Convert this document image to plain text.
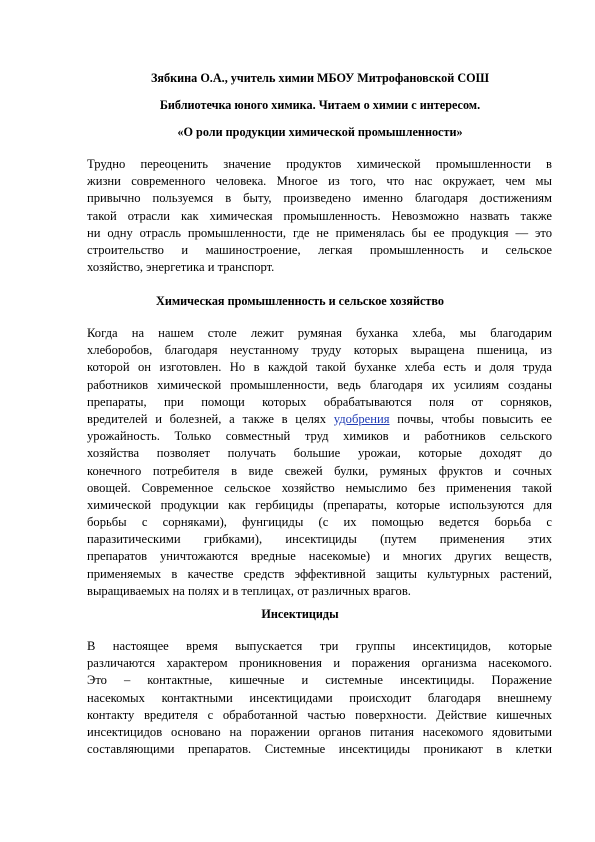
Зябкина О.А., учитель химии МБОУ Митрофановской СОШ
Библиотечка юного химика. Читаем о химии с интересом.
«О роли продукции химической промышленности»
Трудно переоценить значение продуктов химической промышленности в
жизни современного человека. Многое из того, что нас окружает, чем мы
привычно пользуемся в быту, произведено именно благодаря достижениям
такой отрасли как химическая промышленность. Невозможно назвать также
ни одну отрасль промышленности, где не применялась бы ее продукция — это
строительство и машиностроение, легкая промышленность и сельское
хозяйство, энергетика и транспорт.
Химическая промышленность и сельское хозяйство
Когда на нашем столе лежит румяная буханка хлеба, мы благодарим
хлеборобов, благодаря неустанному труду которых выращена пшеница, из
которой он изготовлен. Но в каждой такой буханке хлеба есть и доля труда
работников химической промышленности, ведь благодаря их усилиям созданы
препараты, при помощи которых обрабатываются поля от сорняков,
вредителей и болезней, а также в целях удобрения почвы, чтобы повысить ее
урожайность. Только совместный труд химиков и работников сельского
хозяйства позволяет получать большие урожаи, которые доходят до
конечного потребителя в виде свежей булки, румяных фруктов и сочных
овощей. Современное сельское хозяйство немыслимо без применения такой
химической продукции как гербициды (препараты, которые используются для
борьбы с сорняками), фунгициды (с их помощью ведется борьба с
паразитическими грибками), инсектициды (путем применения этих
препаратов уничтожаются вредные насекомые) и многих других веществ,
применяемых в качестве средств эффективной защиты культурных растений,
выращиваемых на полях и в теплицах, от различных врагов.
Инсектициды
В настоящее время выпускается три группы инсектицидов, которые
различаются характером проникновения и поражения организма насекомого.
Это – контактные, кишечные и системные инсектициды. Поражение
насекомых контактными инсектицидами происходит благодаря внешнему
контакту вредителя с обработанной частью поверхности. Действие кишечных
инсектицидов основано на поражении органов питания насекомого ядовитыми
составляющими препаратов. Системные инсектициды проникают в клетки
